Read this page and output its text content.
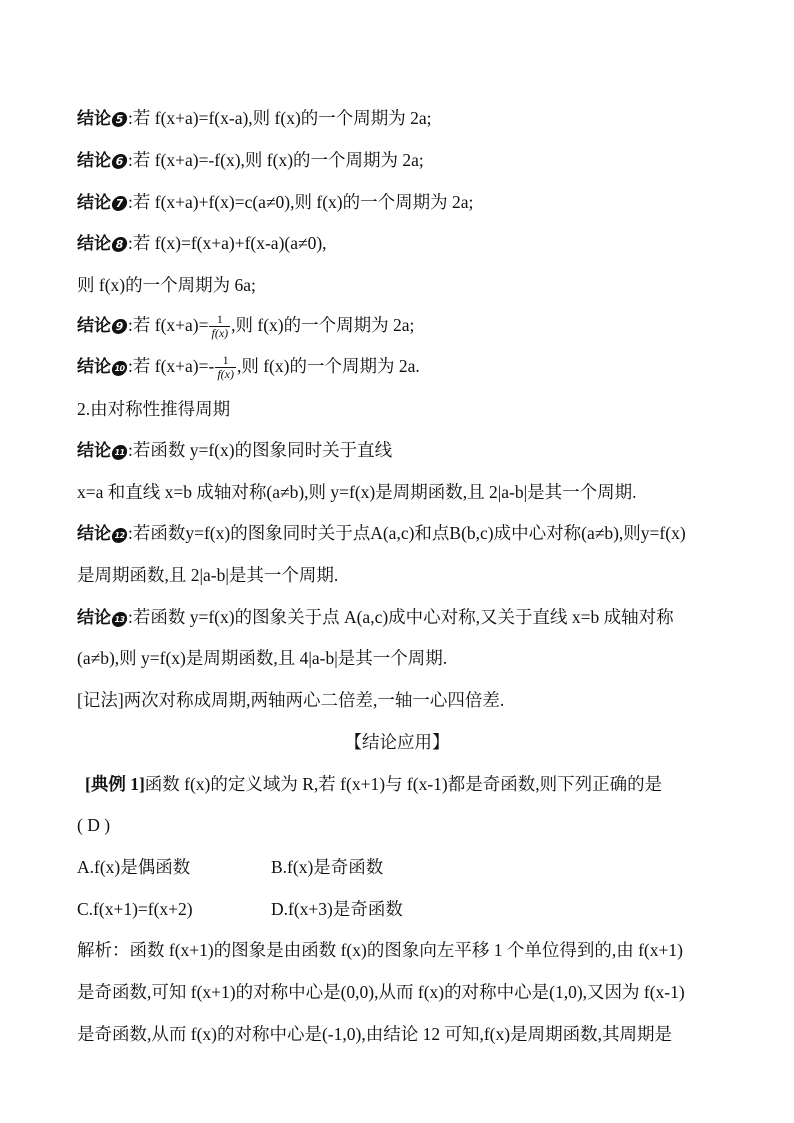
结论 5 :若 f(x+a)=f(x-a),则 f(x)的一个周期为 2a;
结论 6 :若 f(x+a)=-f(x),则 f(x)的一个周期为 2a;
结论 7 :若 f(x+a)+f(x)=c(a≠0),则 f(x)的一个周期为 2a;
结论 8 :若 f(x)=f(x+a)+f(x-a)(a≠0),
则 f(x)的一个周期为 6a;
结论 9 :若 $f(x+a)= \frac{1}{f(x)}$ ,则 f(x)的一个周期为 2a;
结论 10 :若 $f(x+a)=- \frac{1}{f(x)}$ ,则 f(x)的一个周期为 2a.
2.由对称性推得周期
结论 11 :若函数 y=f(x)的图象同时关于直线
x=a 和直线 x=b 成轴对称(a≠b),则 y=f(x)是周期函数,且 2|a-b|是其一个周期.
结论 12 :若函数y=f(x)的图象同时关于点A(a,c)和点B(b,c)成中心对称(a≠b),则y=f(x)
是周期函数,且 2|a-b|是其一个周期.
结论 13 :若函数 y=f(x)的图象关于点 A(a,c)成中心对称,又关于直线 x=b 成轴对称
(a≠b),则 y=f(x)是周期函数,且 4|a-b|是其一个周期.
[记法]两次对称成周期,两轴两心二倍差,一轴一心四倍差.
【结论应用】
[典例 1]函数 f(x)的定义域为 R,若 f(x+1)与 f(x-1)都是奇函数,则下列正确的是
( D )
A.f(x)是偶函数	B.f(x)是奇函数
C.f(x+1)=f(x+2)	D.f(x+3)是奇函数
解析：函数 f(x+1)的图象是由函数 f(x)的图象向左平移 1 个单位得到的,由 f(x+1)
是奇函数,可知 f(x+1)的对称中心是(0,0),从而 f(x)的对称中心是(1,0),又因为 f(x-1)
是奇函数,从而 f(x)的对称中心是(-1,0),由结论 12 可知,f(x)是周期函数,其周期是
